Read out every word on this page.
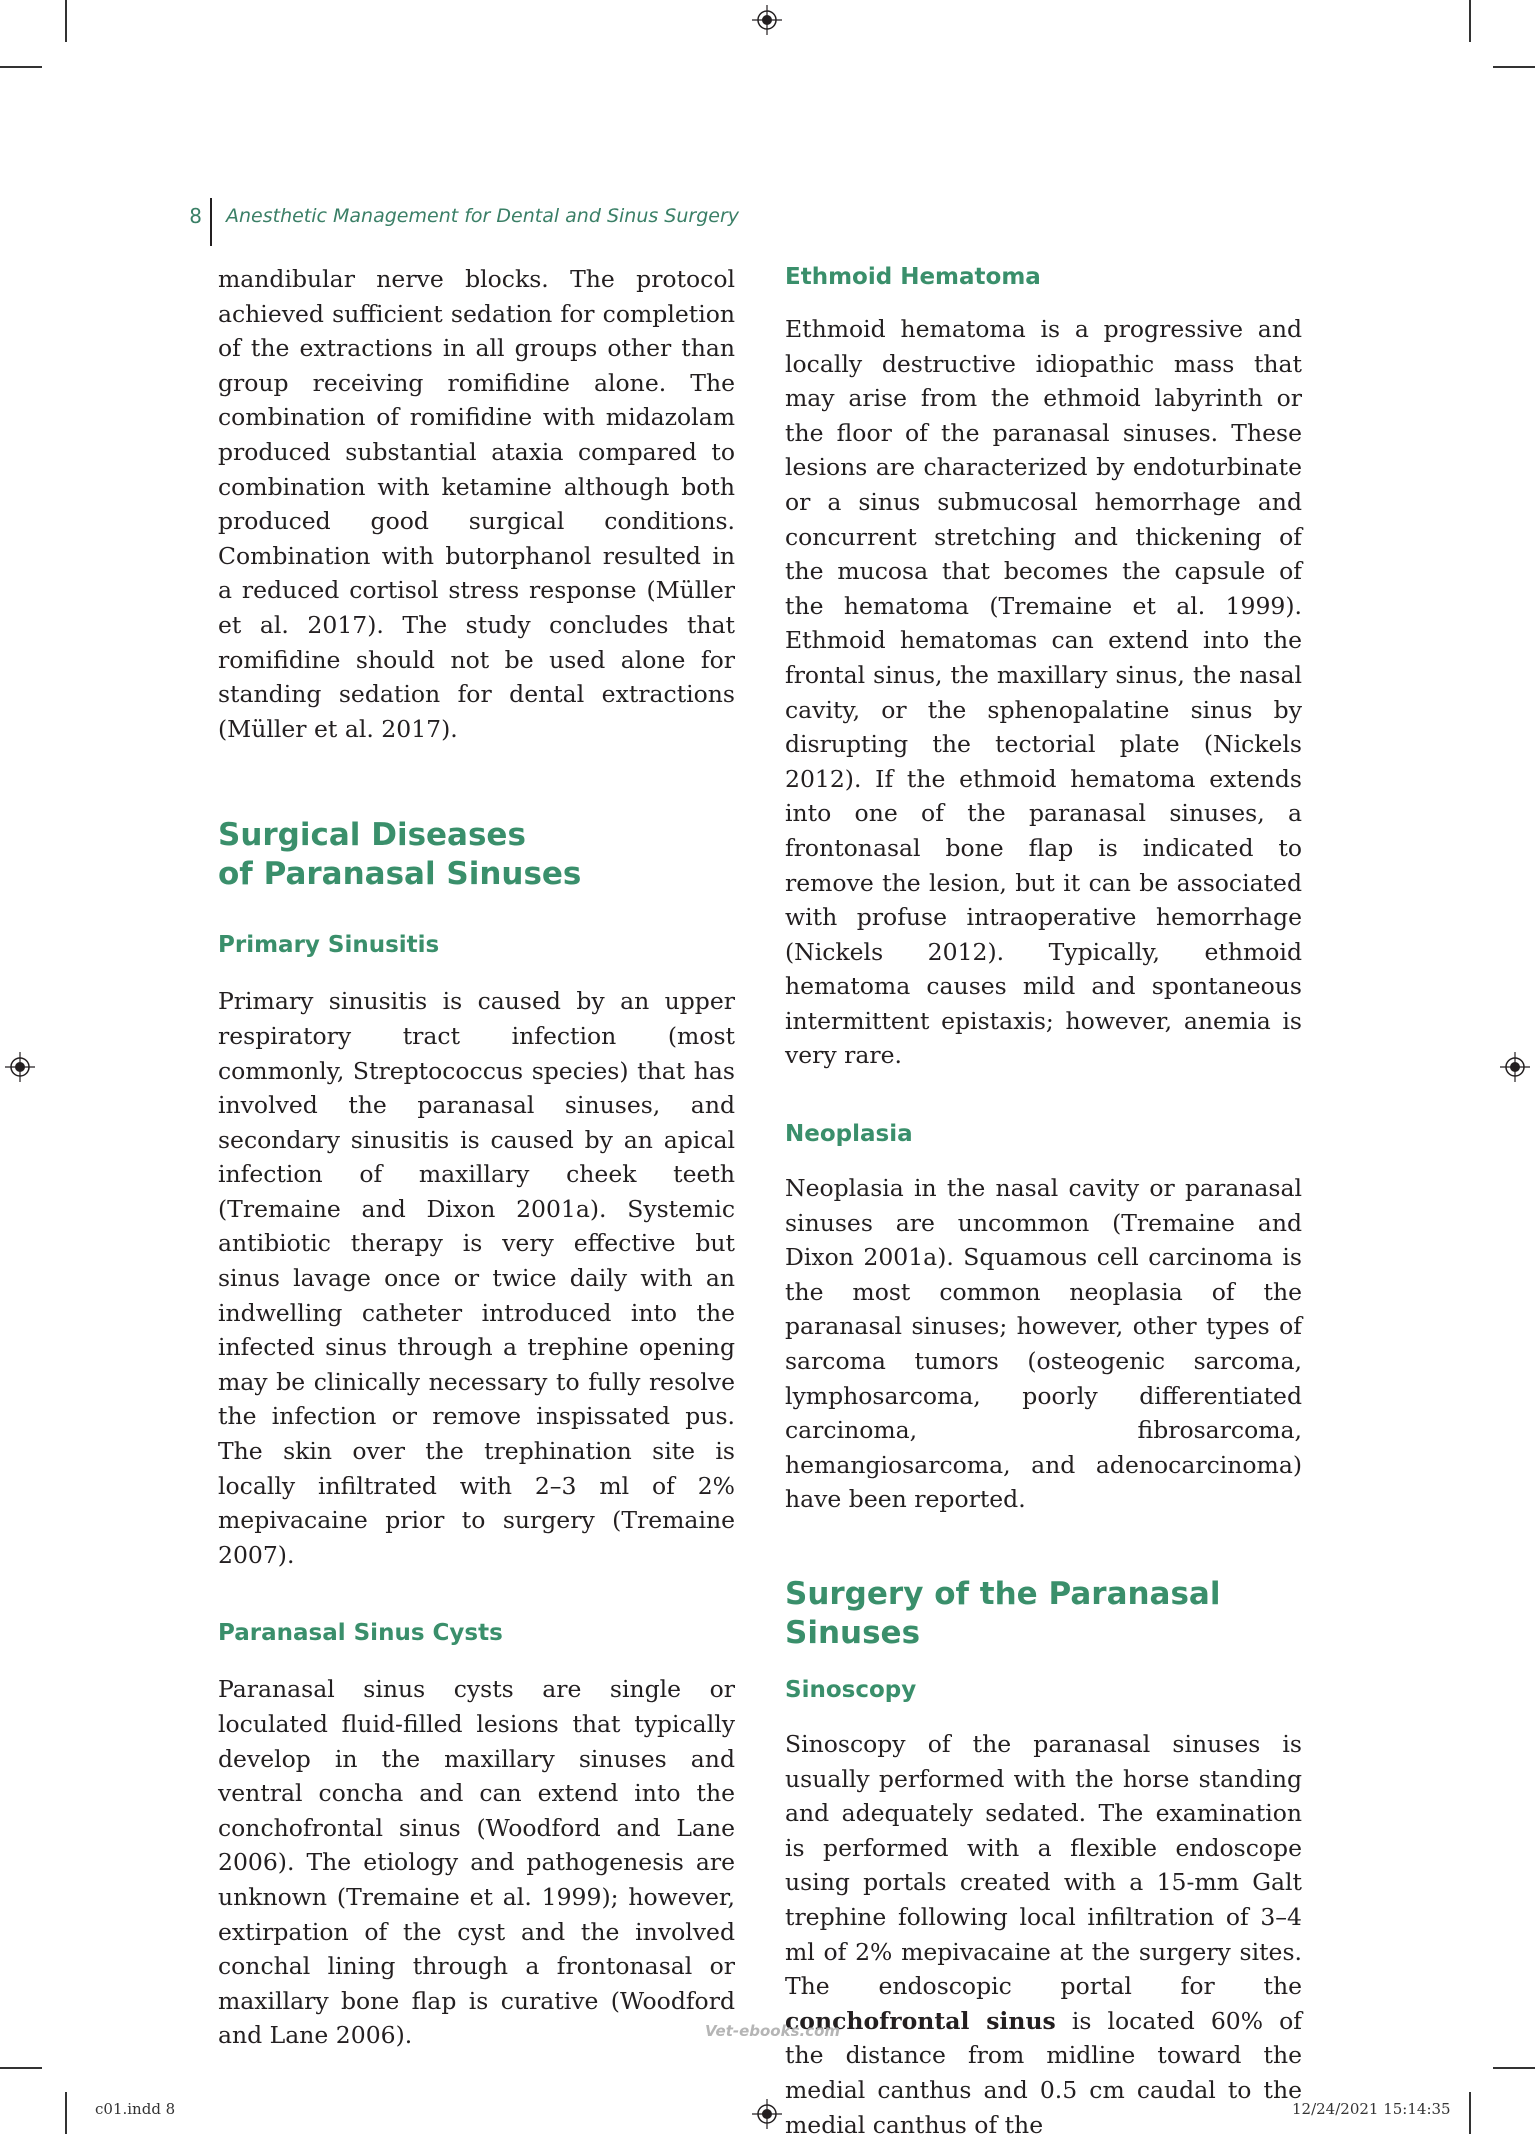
8	Anesthetic Management for Dental and Sinus Surgery

mandibular nerve blocks. The protocol achieved sufficient sedation for completion of the extractions in all groups other than group receiving romifidine alone. The combination of romifidine with midazolam produced substantial ataxia compared to combination with ketamine although both produced good surgical conditions. Combination with butorphanol resulted in a reduced cortisol stress response (Müller et al. 2017). The study concludes that romifidine should not be used alone for standing sedation for dental extractions (Müller et al. 2017).

Surgical Diseases
of Paranasal Sinuses
Primary Sinusitis

Primary sinusitis is caused by an upper respiratory tract infection (most commonly, Streptococcus species) that has involved the paranasal sinuses, and secondary sinusitis is caused by an apical infection of maxillary cheek teeth (Tremaine and Dixon 2001a). Systemic antibiotic therapy is very effective but sinus lavage once or twice daily with an indwelling catheter introduced into the infected sinus through a trephine opening may be clinically necessary to fully resolve the infection or remove inspissated pus. The skin over the trephination site is locally infiltrated with 2–3 ml of 2% mepivacaine prior to surgery (Tremaine 2007).

Paranasal Sinus Cysts

Paranasal sinus cysts are single or loculated fluid‑filled lesions that typically develop in the maxillary sinuses and ventral concha and can extend into the conchofrontal sinus (Woodford and Lane 2006). The etiology and pathogenesis are unknown (Tremaine et al. 1999); however, extirpation of the cyst and the involved conchal lining through a frontonasal or maxillary bone flap is curative (Woodford and Lane 2006).

Ethmoid Hematoma

Ethmoid hematoma is a progressive and locally destructive idiopathic mass that may arise from the ethmoid labyrinth or the floor of the paranasal sinuses. These lesions are characterized by endoturbinate or a sinus submucosal hemorrhage and concurrent stretching and thickening of the mucosa that becomes the capsule of the hematoma (Tremaine et al. 1999). Ethmoid hematomas can extend into the frontal sinus, the maxillary sinus, the nasal cavity, or the sphenopalatine sinus by disrupting the tectorial plate (Nickels 2012). If the ethmoid hematoma extends into one of the paranasal sinuses, a frontonasal bone flap is indicated to remove the lesion, but it can be associated with profuse intraoperative hemorrhage (Nickels 2012). Typically, ethmoid hematoma causes mild and spontaneous intermittent epistaxis; however, anemia is very rare.

Neoplasia

Neoplasia in the nasal cavity or paranasal sinuses are uncommon (Tremaine and Dixon 2001a). Squamous cell carcinoma is the most common neoplasia of the paranasal sinuses; however, other types of sarcoma tumors (osteogenic sarcoma, lymphosarcoma, poorly differentiated carcinoma, fibrosarcoma, hemangiosarcoma, and adenocarcinoma) have been reported.

Surgery of the Paranasal Sinuses
Sinoscopy

Sinoscopy of the paranasal sinuses is usually performed with the horse standing and adequately sedated. The examination is performed with a flexible endoscope using portals created with a 15‑mm Galt trephine following local infiltration of 3–4 ml of 2% mepivacaine at the surgery sites. The endoscopic portal for the conchofrontal sinus is located 60% of the distance from midline toward the medial canthus and 0.5 cm caudal to the medial canthus of the

Vet-ebooks.com
c01.indd 8	12/24/2021 15:14:35
